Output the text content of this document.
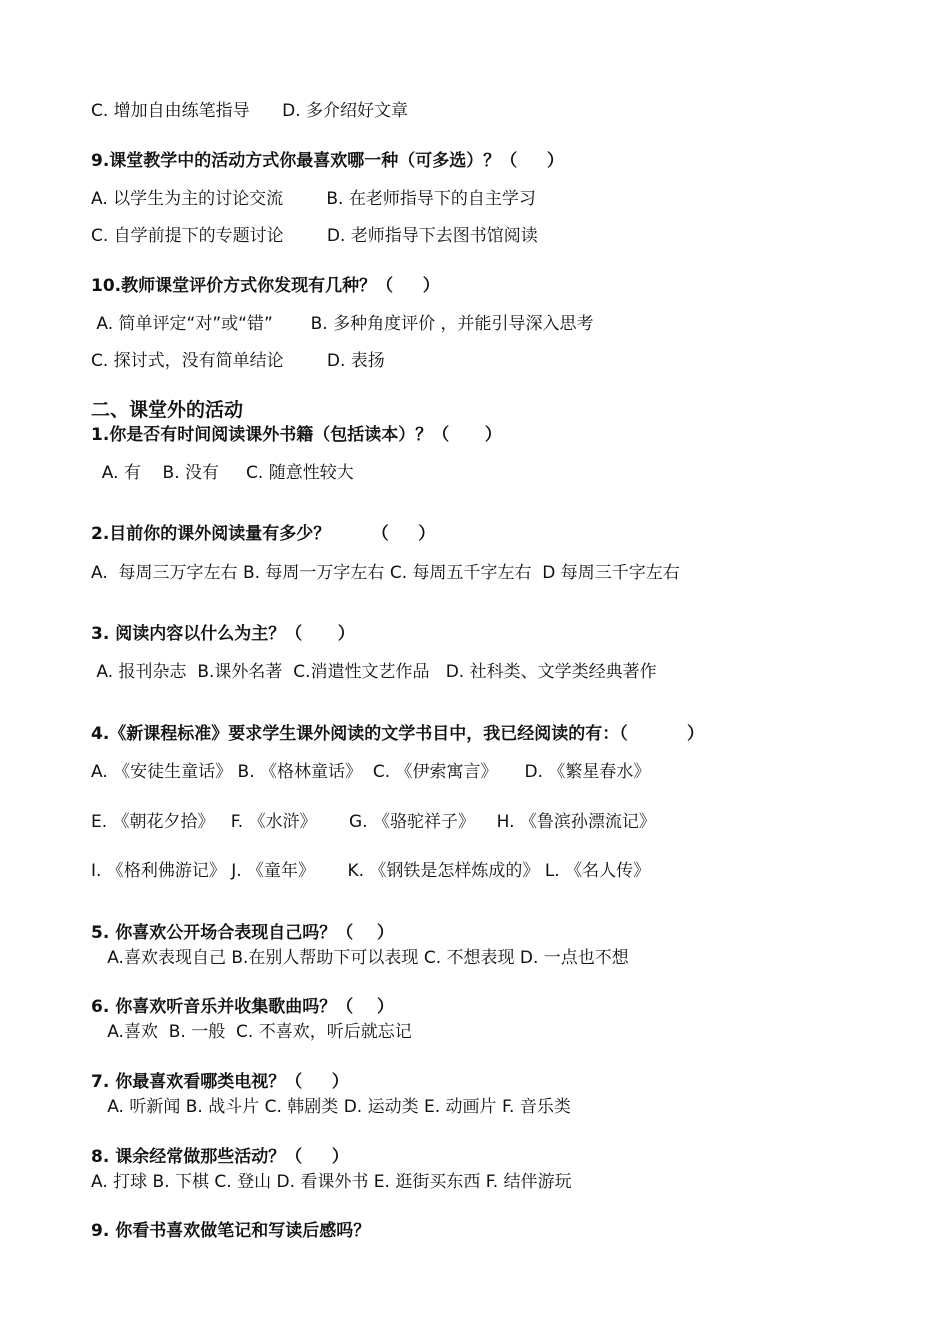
C. 增加自由练笔指导      D. 多介绍好文章
9.课堂教学中的活动方式你最喜欢哪一种（可多选）？（     ）
A. 以学生为主的讨论交流        B. 在老师指导下的自主学习
C. 自学前提下的专题讨论        D. 老师指导下去图书馆阅读
10.教师课堂评价方式你发现有几种？（     ）
A. 简单评定“对”或“错”       B. 多种角度评价 ，并能引导深入思考
C. 探讨式，没有简单结论        D. 表扬
二、课堂外的活动
1.你是否有时间阅读课外书籍（包括读本）？（      ）
A. 有    B. 没有     C. 随意性较大
2.目前你的课外阅读量有多少？       （     ）
A.  每周三万字左右 B. 每周一万字左右 C. 每周五千字左右  D 每周三千字左右
3. 阅读内容以什么为主？（      ）
A. 报刊杂志  B.课外名著  C.消遣性文艺作品   D. 社科类、文学类经典著作
4.《新课程标准》要求学生课外阅读的文学书目中，我已经阅读的有：（          ）
A. 《安徒生童话》 B. 《格林童话》  C. 《伊索寓言》     D. 《繁星春水》
E. 《朝花夕拾》   F. 《水浒》      G. 《骆驼祥子》    H. 《鲁滨孙漂流记》
I. 《格利佛游记》 J. 《童年》      K. 《钢铁是怎样炼成的》 L. 《名人传》
5. 你喜欢公开场合表现自己吗？（    ）
A.喜欢表现自己 B.在别人帮助下可以表现 C. 不想表现 D. 一点也不想
6. 你喜欢听音乐并收集歌曲吗？（    ）
A.喜欢  B. 一般  C. 不喜欢，听后就忘记
7. 你最喜欢看哪类电视？（     ）
A. 听新闻 B. 战斗片 C. 韩剧类 D. 运动类 E. 动画片 F. 音乐类
8. 课余经常做那些活动？（     ）
A. 打球 B. 下棋 C. 登山 D. 看课外书 E. 逛街买东西 F. 结伴游玩
9. 你看书喜欢做笔记和写读后感吗？
